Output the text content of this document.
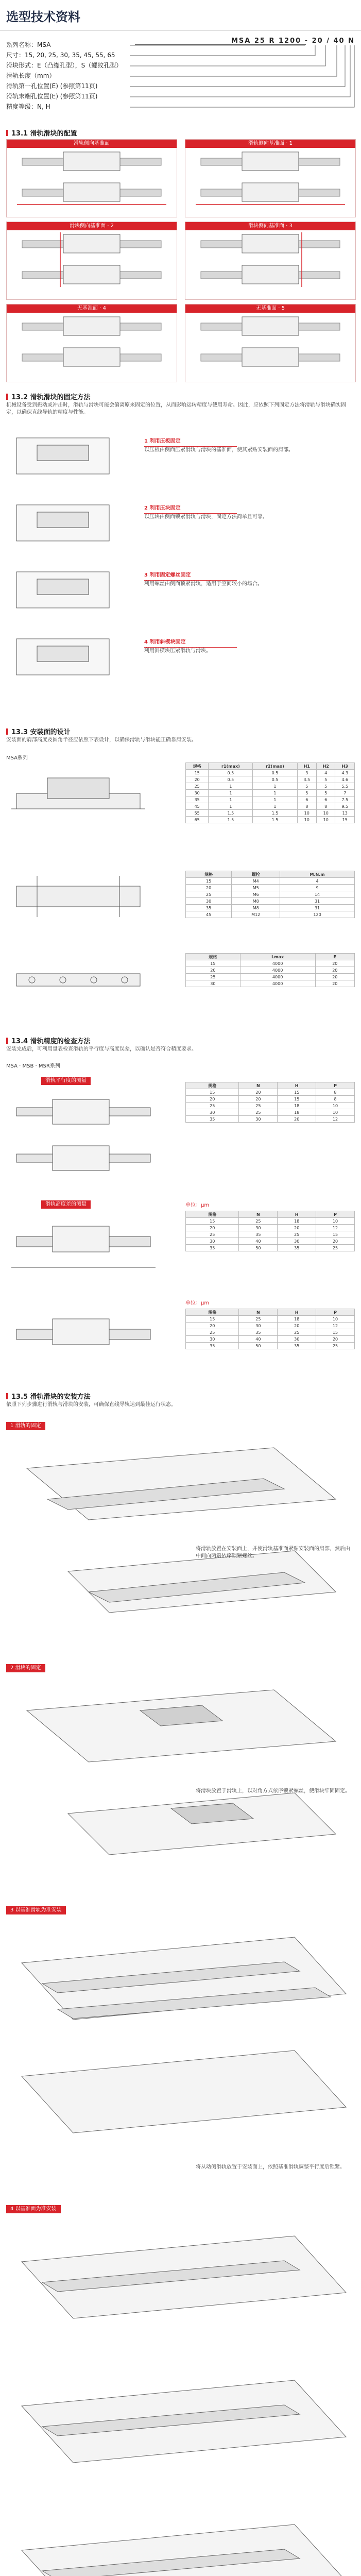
选型技术资料
MSA 25 R 1200 - 20 / 40 N
系列名称：MSA
尺寸：15, 20, 25, 30, 35, 45, 55, 65
滑块形式：E（凸缘孔型），S（螺纹孔型）
滑轨长度（mm）
滑轨第一孔位置(E) (参照第11页)
滑轨末端孔位置(E) (参照第11页)
精度等级：N, H
13.1 滑轨滑块的配置
滑轨侧向基准面	滑轨侧向基准面 · 1
滑块侧向基准面 · 2	滑块侧向基准面 · 3
无基准面 · 4	无基准面 · 5
13.2 滑轨滑块的固定方法
机械设备受到振动或冲击时，滑轨与滑块可能会偏离原来固定的位置，从而影响运转精度与使用寿命。因此，应依照下列固定方法将滑轨与滑块确实固定，以确保直线导轨的精度与性能。
1 利用压板固定
以压板由侧面压紧滑轨与滑块的基准面，使其紧贴安装面的肩部。
2 利用压块固定
以压块由侧面锁紧滑轨与滑块，固定方法简单且可靠。
3 利用固定螺丝固定
利用螺丝由侧面顶紧滑轨，适用于空间较小的场合。
4 利用斜楔块固定
利用斜楔块压紧滑轨与滑块。
13.3 安装面的设计
安装面的肩部高度及圆角半径应依照下表设计，以确保滑轨与滑块能正确靠肩安装。
MSA系列
规格	r1(max)	r2(max)	H1	H2	H3
15	0.5	0.5	3	4	4.3
20	0.5	0.5	3.5	5	4.6
25	1	1	5	5	5.5
30	1	1	5	5	7
35	1	1	6	6	7.5
45	1	1	8	8	9.5
55	1.5	1.5	10	10	13
65	1.5	1.5	10	10	15
规格	螺栓	M.N.m
15	M4	4
20	M5	9
25	M6	14
30	M8	31
35	M8	31
45	M12	120
规格	Lmax	E
15	4000	20
20	4000	20
25	4000	20
30	4000	20
13.4 滑轨精度的检查方法
安装完成后，可利用量表检查滑轨的平行度与高度误差，以确认是否符合精度要求。
MSA · MSB · MSR系列
滑轨平行度的测量
规格	N	H	P
15	20	15	8
20	20	15	8
25	25	18	10
30	25	18	10
35	30	20	12
滑轨高度差的测量	单位：μm
规格	N	H	P
15	25	18	10
20	30	20	12
25	35	25	15
30	40	30	20
35	50	35	25
单位：μm
规格	N	H	P
15	25	18	10
20	30	20	12
25	35	25	15
30	40	30	20
35	50	35	25
13.5 滑轨滑块的安装方法
依照下列步骤进行滑轨与滑块的安装，可确保直线导轨达到最佳运行状态。
1 滑轨的固定
将滑轨放置在安装面上，并使滑轨基准面紧贴安装面的肩部，然后由中间向两端依序锁紧螺丝。
2 滑块的固定
将滑块放置于滑轨上，以对角方式依序锁紧螺丝，使滑块牢固固定。
3 以基准滑轨为准安装
将从动侧滑轨放置于安装面上，依照基准滑轨调整平行度后锁紧。
4 以基准面为准安装
